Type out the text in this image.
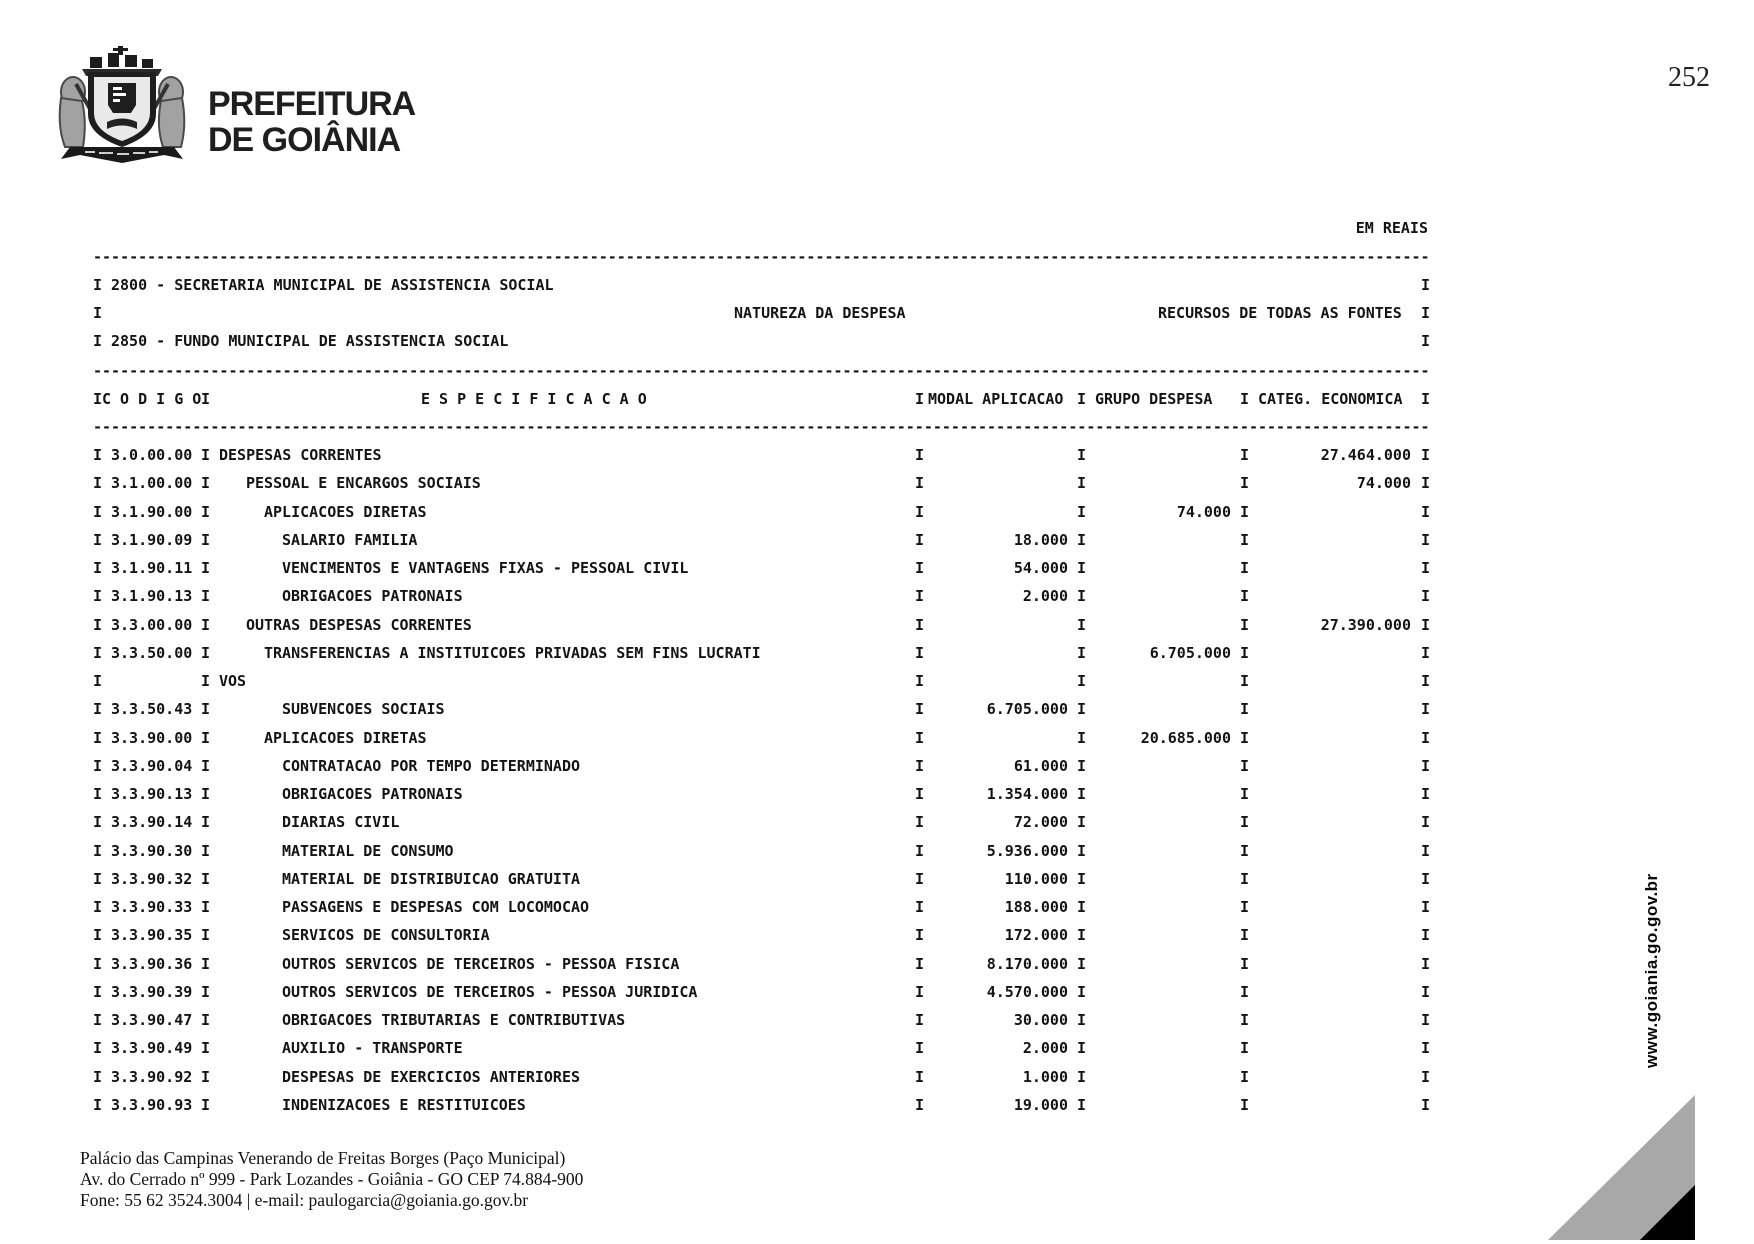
PREFEITURA
DE GOIÂNIA
252
EM REAIS
----------------------------------------------------------------------------------------------------------------------------------------------------
----------------------------------------------------------------------------------------------------------------------------------------------------
----------------------------------------------------------------------------------------------------------------------------------------------------
I 2800 - SECRETARIA MUNICIPAL DE ASSISTENCIA SOCIAL	I
I	NATUREZA DA DESPESA	RECURSOS DE TODAS AS FONTES I
I 2850 - FUNDO MUNICIPAL DE ASSISTENCIA SOCIAL	I
I C O D I G O I	E S P E C I F I C A C A O	I MODAL APLICACAO I GRUPO DESPESA I CATEG. ECONOMICA I
I 3.0.00.00 I DESPESAS CORRENTES	I	I	I	27.464.000 I
I 3.1.00.00 I PESSOAL E ENCARGOS SOCIAIS	I	I	I	74.000 I
I 3.1.90.00 I	APLICACOES DIRETAS	I	I	74.000 I	I
I 3.1.90.09 I	SALARIO FAMILIA	I	18.000 I	I	I
I 3.1.90.11 I	VENCIMENTOS E VANTAGENS FIXAS - PESSOAL CIVIL	I	54.000 I	I	I
I 3.1.90.13 I	OBRIGACOES PATRONAIS	I	2.000 I	I	I
I 3.3.00.00 I OUTRAS DESPESAS CORRENTES	I	I	I	27.390.000 I
I 3.3.50.00 I	TRANSFERENCIAS A INSTITUICOES PRIVADAS SEM FINS LUCRATI	I	I	6.705.000 I	I
I	I VOS	I	I	I	I
I 3.3.50.43 I	SUBVENCOES SOCIAIS	I	6.705.000 I	I	I
I 3.3.90.00 I	APLICACOES DIRETAS	I	I	20.685.000 I	I
I 3.3.90.04 I	CONTRATACAO POR TEMPO DETERMINADO	I	61.000 I	I	I
I 3.3.90.13 I	OBRIGACOES PATRONAIS	I	1.354.000 I	I	I
I 3.3.90.14 I	DIARIAS CIVIL	I	72.000 I	I	I
I 3.3.90.30 I	MATERIAL DE CONSUMO	I	5.936.000 I	I	I
I 3.3.90.32 I	MATERIAL DE DISTRIBUICAO GRATUITA	I	110.000 I	I	I
I 3.3.90.33 I	PASSAGENS E DESPESAS COM LOCOMOCAO	I	188.000 I	I	I
I 3.3.90.35 I	SERVICOS DE CONSULTORIA	I	172.000 I	I	I
I 3.3.90.36 I	OUTROS SERVICOS DE TERCEIROS - PESSOA FISICA	I	8.170.000 I	I	I
I 3.3.90.39 I	OUTROS SERVICOS DE TERCEIROS - PESSOA JURIDICA	I	4.570.000 I	I	I
I 3.3.90.47 I	OBRIGACOES TRIBUTARIAS E CONTRIBUTIVAS	I	30.000 I	I	I
I 3.3.90.49 I	AUXILIO - TRANSPORTE	I	2.000 I	I	I
I 3.3.90.92 I	DESPESAS DE EXERCICIOS ANTERIORES	I	1.000 I	I	I
I 3.3.90.93 I	INDENIZACOES E RESTITUICOES	I	19.000 I	I	I
Palácio das Campinas Venerando de Freitas Borges (Paço Municipal)
Av. do Cerrado nº 999 - Park Lozandes - Goiânia - GO CEP 74.884-900
Fone: 55 62 3524.3004 | e-mail: paulogarcia@goiania.go.gov.br
www.goiania.go.gov.br
